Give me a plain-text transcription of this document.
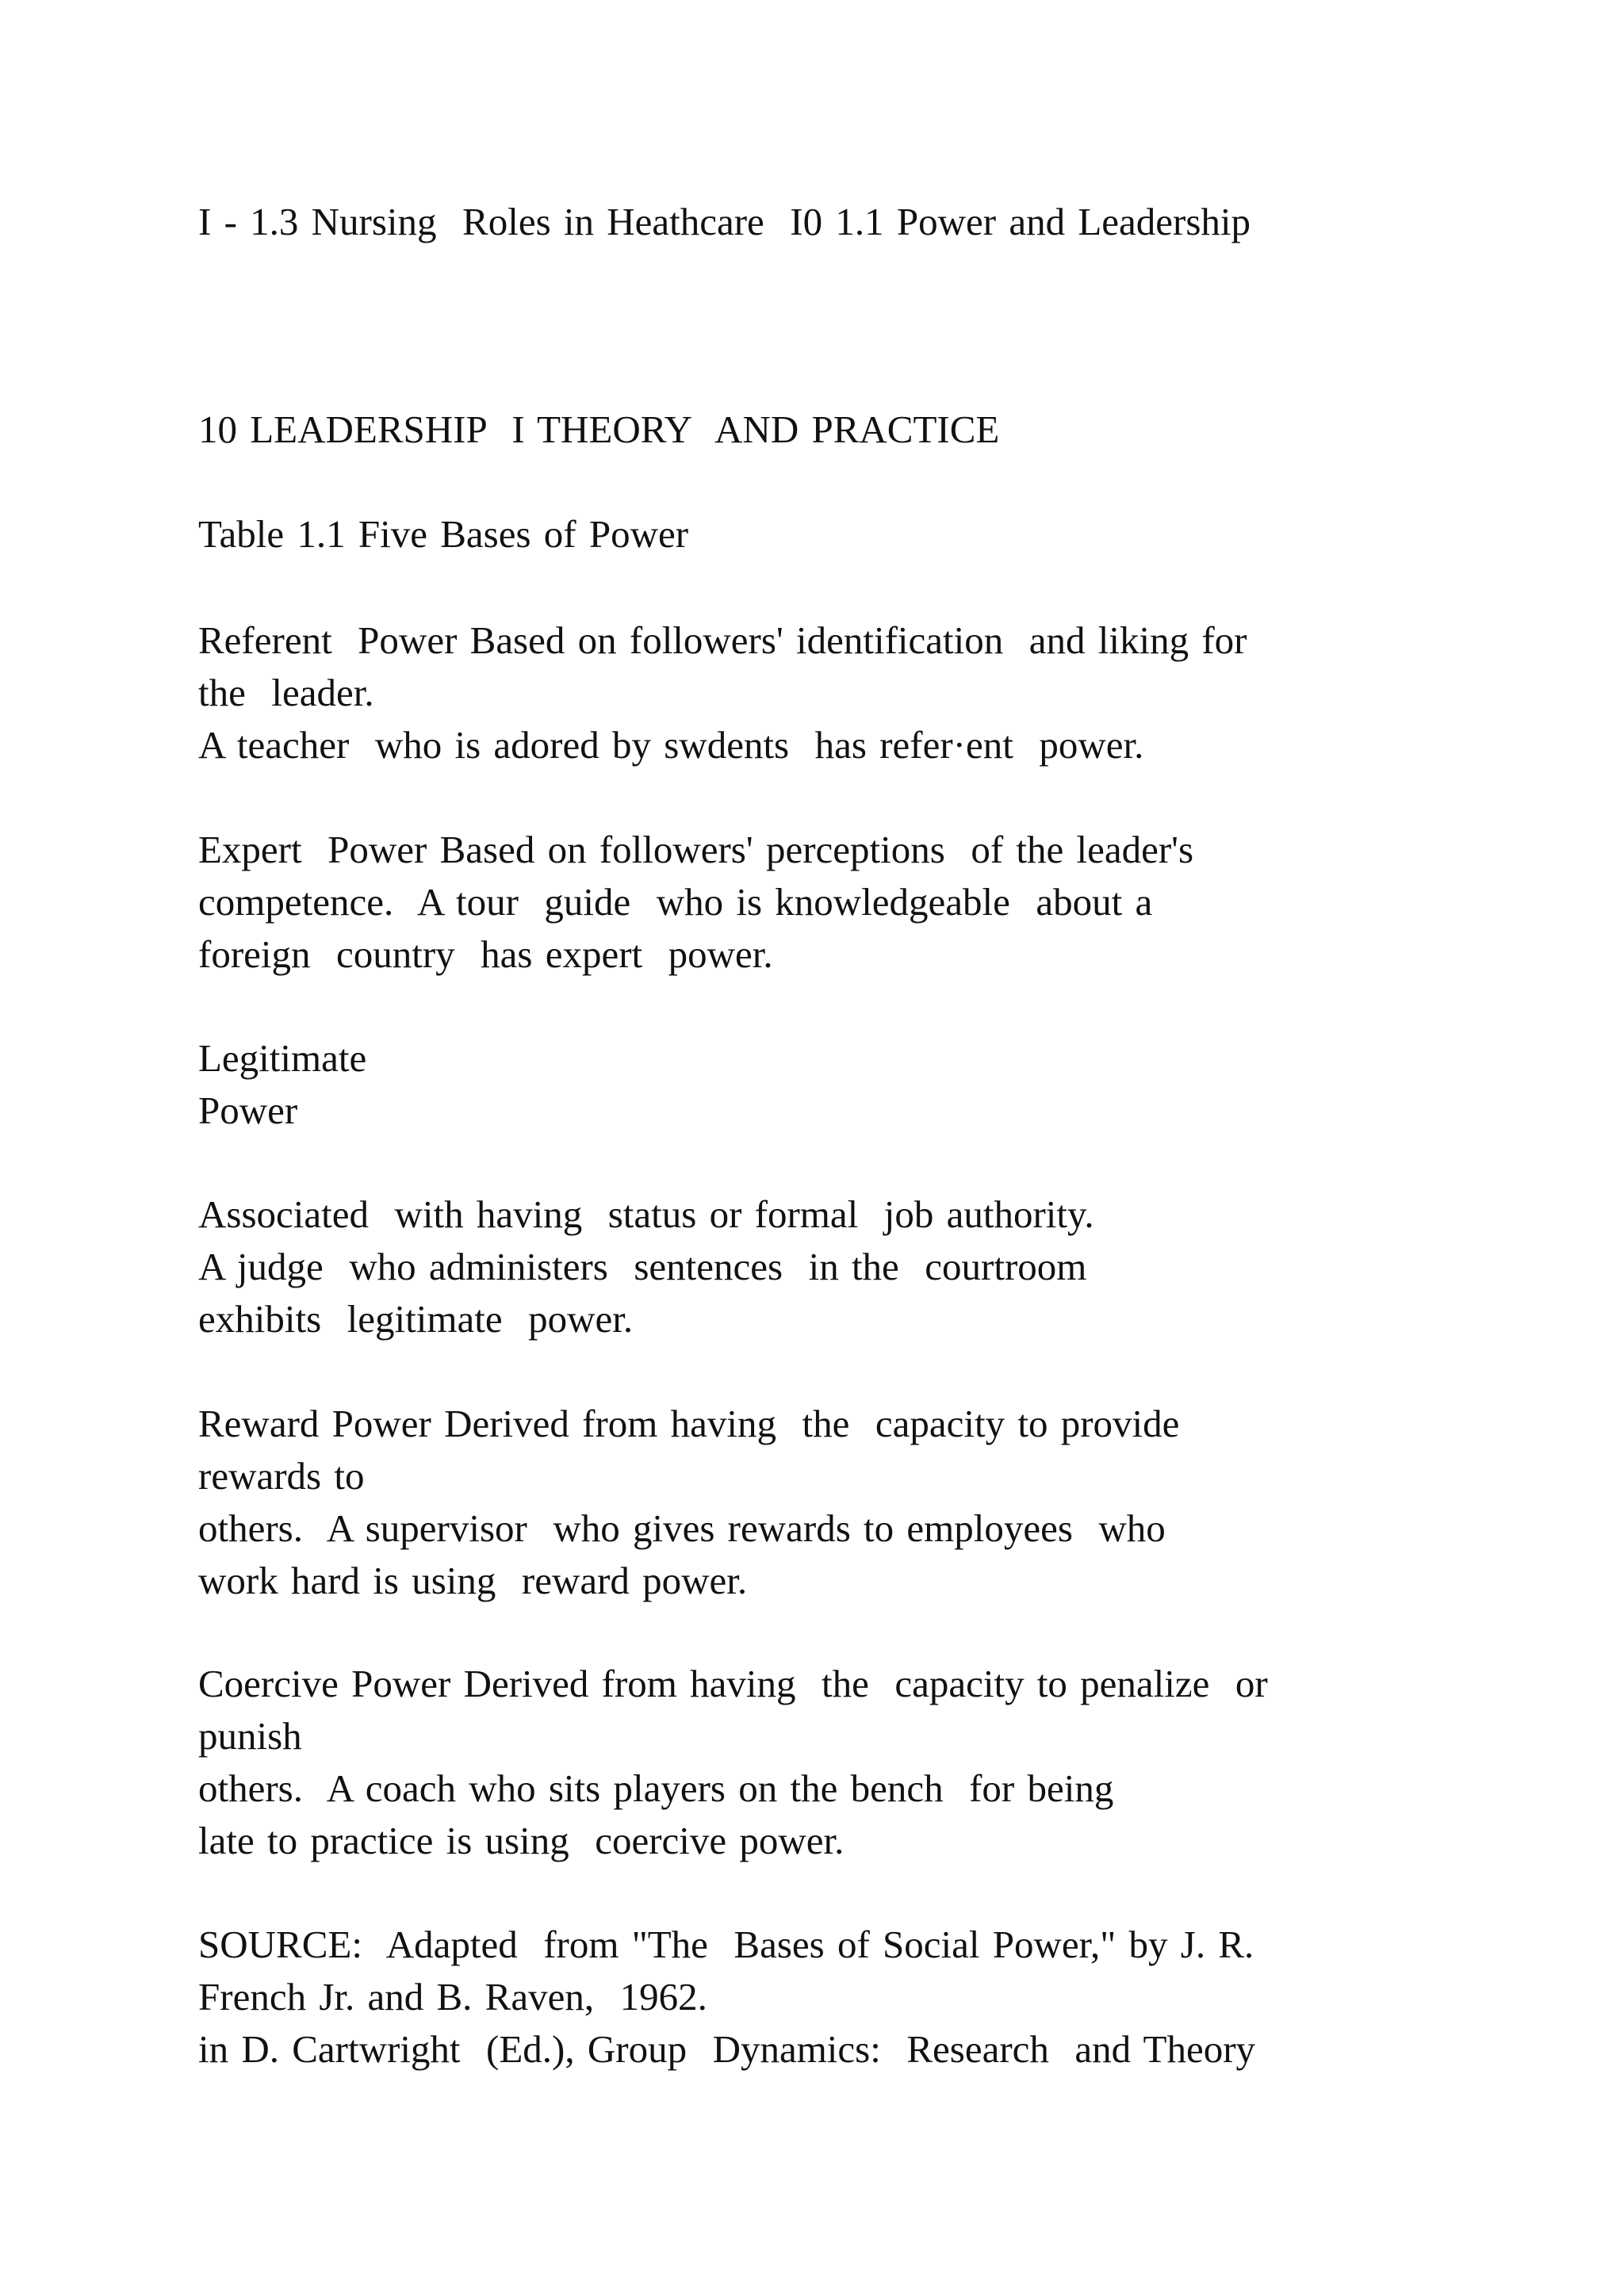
I - 1.3 Nursing  Roles in Heathcare  I0 1.1 Power and Leadership
10 LEADERSHIP  I THEORY  AND PRACTICE
Table 1.1 Five Bases of Power
Referent  Power Based on followers' identification  and liking for
the  leader.
A teacher  who is adored by swdents  has refer·ent  power.
Expert  Power Based on followers' perceptions  of the leader's
competence.  A tour  guide  who is knowledgeable  about a
foreign  country  has expert  power.
Legitimate
Power
Associated  with having  status or formal  job authority.
A judge  who administers  sentences  in the  courtroom
exhibits  legitimate  power.
Reward Power Derived from having  the  capacity to provide
rewards to
others.  A supervisor  who gives rewards to employees  who
work hard is using  reward power.
Coercive Power Derived from having  the  capacity to penalize  or
punish
others.  A coach who sits players on the bench  for being
late to practice is using  coercive power.
SOURCE:  Adapted  from "The  Bases of Social Power," by J. R.
French Jr. and B. Raven,  1962.
in D. Cartwright  (Ed.), Group  Dynamics:  Research  and Theory
